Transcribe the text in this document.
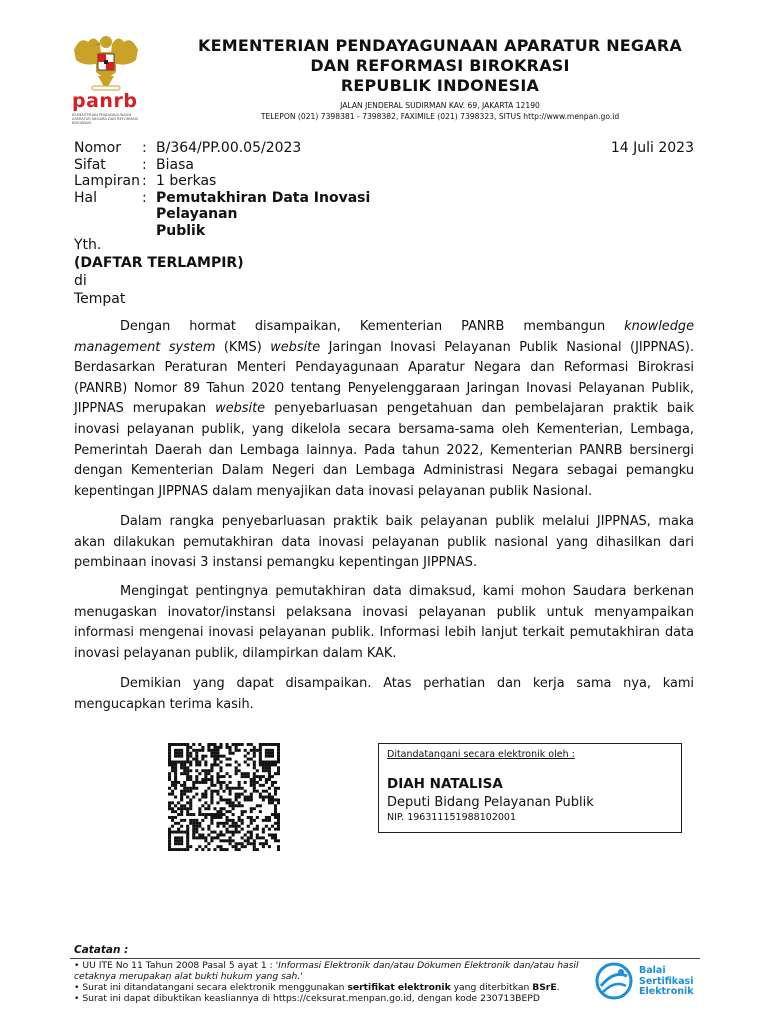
panrb
KEMENTERIAN PENDAYAGUNAAN APARATUR NEGARA DAN REFORMASI BIROKRASI
KEMENTERIAN PENDAYAGUNAAN APARATUR NEGARA
DAN REFORMASI BIROKRASI
REPUBLIK INDONESIA
JALAN JENDERAL SUDIRMAN KAV. 69, JAKARTA 12190
TELEPON (021) 7398381 - 7398382, FAXIMILE (021) 7398323, SITUS http://www.menpan.go.id
Nomor	: B/364/PP.00.05/2023
Sifat	: Biasa
Lampiran : 1 berkas
Hal	: Pemutakhiran Data Inovasi Pelayanan
Publik
14 Juli 2023
Yth.
(DAFTAR TERLAMPIR)
di
Tempat

Dengan hormat disampaikan, Kementerian PANRB membangun knowledge management system (KMS) website Jaringan Inovasi Pelayanan Publik Nasional (JIPPNAS). Berdasarkan Peraturan Menteri Pendayagunaan Aparatur Negara dan Reformasi Birokrasi (PANRB) Nomor 89 Tahun 2020 tentang Penyelenggaraan Jaringan Inovasi Pelayanan Publik, JIPPNAS merupakan website penyebarluasan pengetahuan dan pembelajaran praktik baik inovasi pelayanan publik, yang dikelola secara bersama-sama oleh Kementerian, Lembaga, Pemerintah Daerah dan Lembaga lainnya. Pada tahun 2022, Kementerian PANRB bersinergi dengan Kementerian Dalam Negeri dan Lembaga Administrasi Negara sebagai pemangku kepentingan JIPPNAS dalam menyajikan data inovasi pelayanan publik Nasional.

Dalam rangka penyebarluasan praktik baik pelayanan publik melalui JIPPNAS, maka akan dilakukan pemutakhiran data inovasi pelayanan publik nasional yang dihasilkan dari pembinaan inovasi 3 instansi pemangku kepentingan JIPPNAS.

Mengingat pentingnya pemutakhiran data dimaksud, kami mohon Saudara berkenan menugaskan inovator/instansi pelaksana inovasi pelayanan publik untuk menyampaikan informasi mengenai inovasi pelayanan publik. Informasi lebih lanjut terkait pemutakhiran data inovasi pelayanan publik, dilampirkan dalam KAK.

Demikian yang dapat disampaikan. Atas perhatian dan kerja sama nya, kami mengucapkan terima kasih.

Ditandatangani secara elektronik oleh :
DIAH NATALISA
Deputi Bidang Pelayanan Publik
NIP. 196311151988102001
Catatan :
• UU ITE No 11 Tahun 2008 Pasal 5 ayat 1 : 'Informasi Elektronik dan/atau Dokumen Elektronik dan/atau hasil cetaknya merupakan alat bukti hukum yang sah.'
• Surat ini ditandatangani secara elektronik menggunakan sertifikat elektronik yang diterbitkan BSrE.
• Surat ini dapat dibuktikan keasliannya di https://ceksurat.menpan.go.id, dengan kode 230713BEPD
Balai
Sertifikasi
Elektronik
